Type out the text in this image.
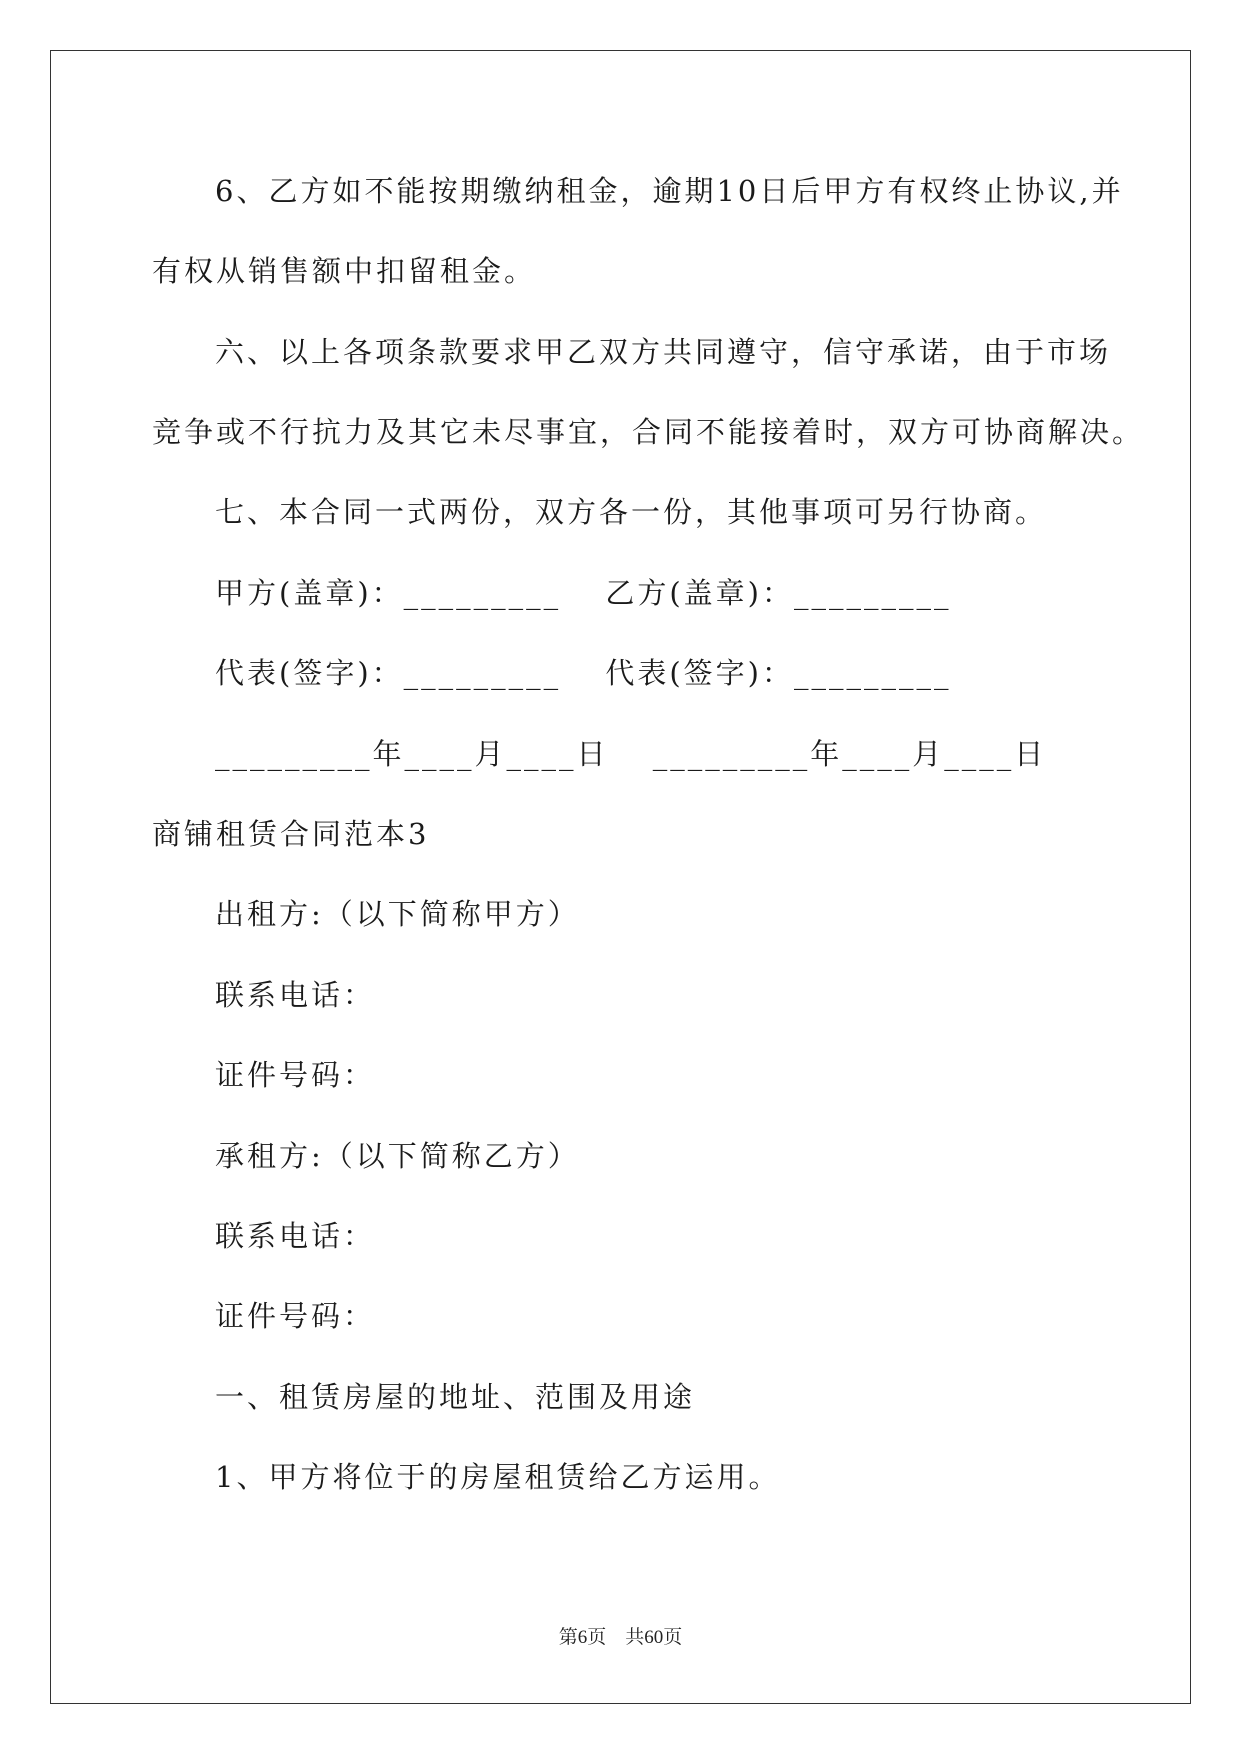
6、乙方如不能按期缴纳租金，逾期10日后甲方有权终止协议,并

有权从销售额中扣留租金。

六、以上各项条款要求甲乙双方共同遵守，信守承诺，由于市场

竞争或不行抗力及其它未尽事宜，合同不能接着时，双方可协商解决。

七、本合同一式两份，双方各一份，其他事项可另行协商。

甲方(盖章)：_________　 乙方(盖章)：_________

代表(签字)：_________　 代表(签字)：_________

_________年____月____日　 _________年____月____日

商铺租赁合同范本3

出租方:（以下简称甲方）

联系电话：

证件号码：

承租方:（以下简称乙方）

联系电话：

证件号码：

一、租赁房屋的地址、范围及用途

1、甲方将位于的房屋租赁给乙方运用。

第6页　共60页
